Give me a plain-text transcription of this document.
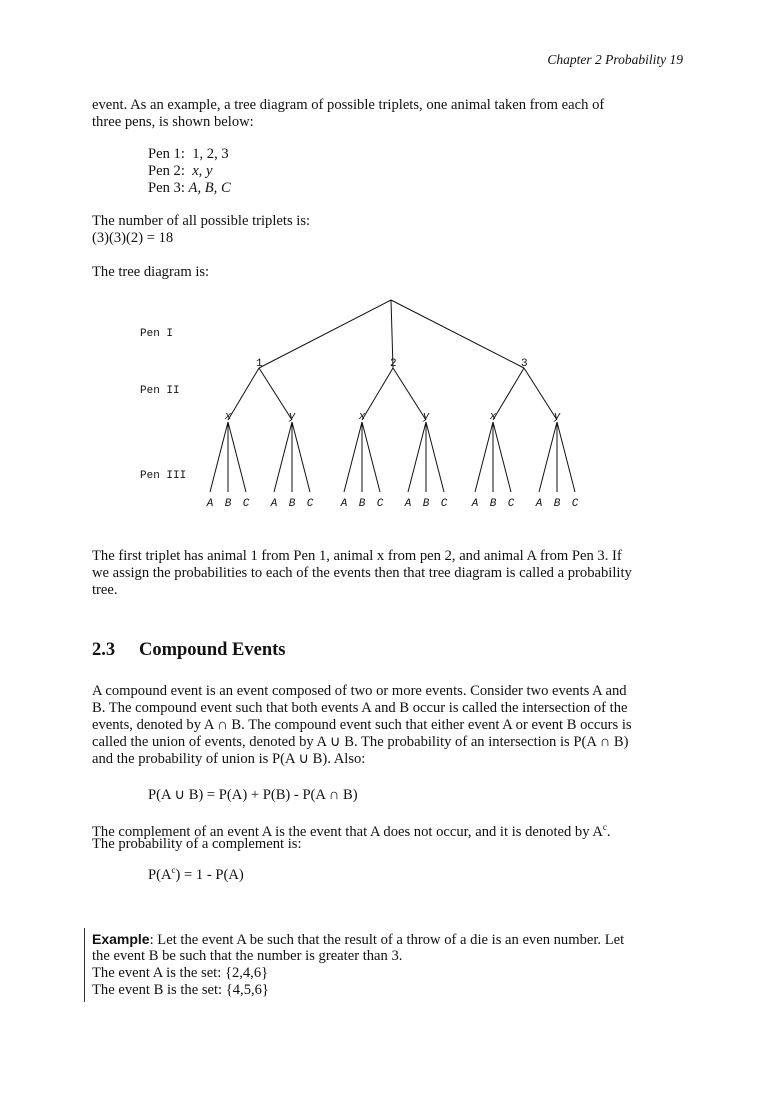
Chapter 2 Probability 19
event. As an example, a tree diagram of possible triplets, one animal taken from each of
three pens, is shown below:
Pen 1: 1, 2, 3
Pen 2: x, y
Pen 3: A, B, C
The number of all possible triplets is:
(3)(3)(2) = 18
The tree diagram is:
Pen I
Pen II
Pen III
1
x
A B C
y
A B C
2
x
A B C
y
A B C
3
x
A B C
y
A B C
The first triplet has animal 1 from Pen 1, animal x from pen 2, and animal A from Pen 3. If
we assign the probabilities to each of the events then that tree diagram is called a probability
tree.
2.3 Compound Events
A compound event is an event composed of two or more events. Consider two events A and
B. The compound event such that both events A and B occur is called the intersection of the
events, denoted by A ∩ B. The compound event such that either event A or event B occurs is
called the union of events, denoted by A ∪ B. The probability of an intersection is P(A ∩ B)
and the probability of union is P(A ∪ B). Also:
P(A ∪ B) = P(A) + P(B) - P(A ∩ B)
The complement of an event A is the event that A does not occur, and it is denoted by $A^c$.
The probability of a complement is:
$P(A^c) = 1 - P(A)$
Example: Let the event A be such that the result of a throw of a die is an even number. Let
the event B be such that the number is greater than 3.
The event A is the set: {2,4,6}
The event B is the set: {4,5,6}
